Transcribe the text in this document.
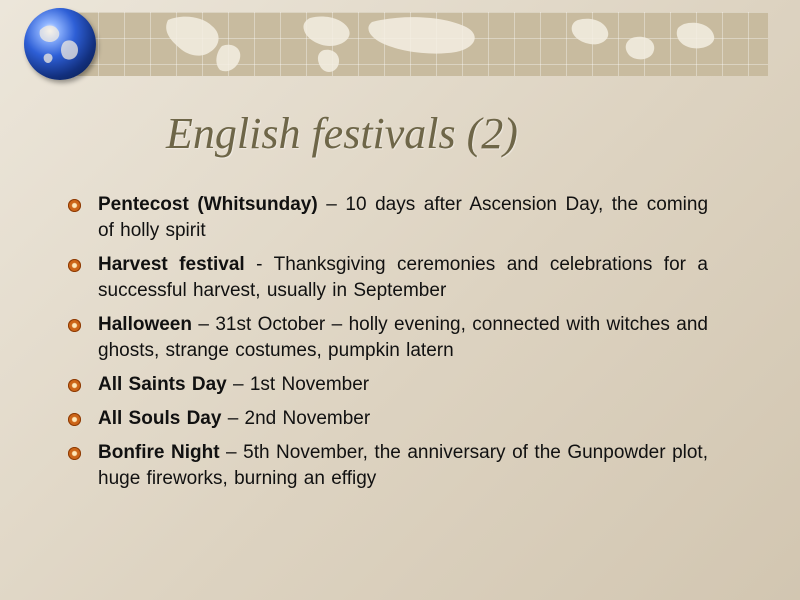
English festivals (2)
Pentecost (Whitsunday) – 10 days after Ascension Day, the coming of holly spirit
Harvest festival - Thanksgiving ceremonies and celebrations for a successful harvest, usually in September
Halloween – 31st October – holly evening, connected with witches and ghosts, strange costumes, pumpkin latern
All Saints Day – 1st November
All Souls Day – 2nd November
Bonfire Night – 5th November, the anniversary of the Gunpowder plot, huge fireworks, burning an effigy
